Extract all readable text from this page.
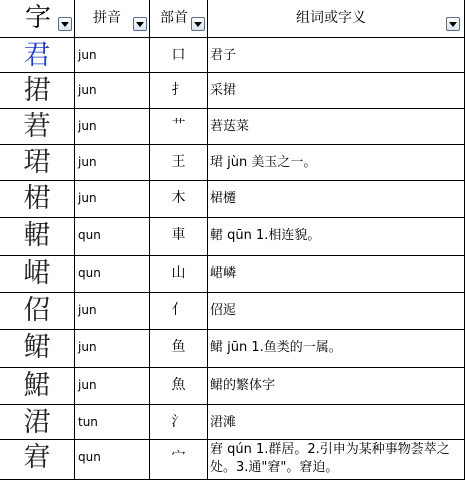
字	拼音	部首	组词或字义
君	jun	口	君子
捃	jun	扌	采捃
莙	jun	艹	莙荙菜
珺	jun	王	珺 jùn 美玉之一。
桾	jun	木	桾櫏
輑	qun	車	輑 qūn 1.相连貌。
峮	qun	山	峮嶙
佋	jun	亻	佋迡
鲪	jun	鱼	鲪 jūn 1.鱼类的一属。
鮶	jun	魚	鲪的繁体字
涒	tun	氵	涒滩
宭	qun	宀	宭 qún 1.群居。2.引申为某种事物荟萃之处。3.通"窘"。窘迫。
